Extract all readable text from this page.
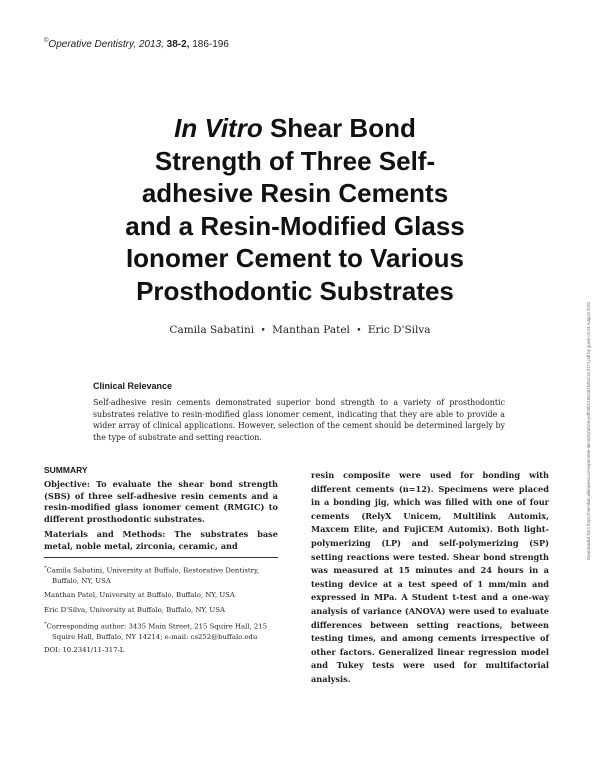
©Operative Dentistry, 2013, 38-2, 186-196
In Vitro Shear Bond
Strength of Three Self-
adhesive Resin Cements
and a Resin-Modified Glass
Ionomer Cement to Various
Prosthodontic Substrates
Camila Sabatini • Manthan Patel • Eric D'Silva
Clinical Relevance
Self-adhesive resin cements demonstrated superior bond strength to a variety of prosthodontic substrates relative to resin-modified glass ionomer cement, indicating that they are able to provide a wider array of clinical applications. However, selection of the cement should be determined largely by the type of substrate and setting reaction.	Downloaded from https://meridian.allenpress.com/operative-dentistry/article-pdf/38/2/186/1815451/11-317-l.pdf by guest on 01 August 2022
SUMMARY

Objective: To evaluate the shear bond strength (SBS) of three self-adhesive resin cements and a resin-modified glass ionomer cement (RMGIC) to different prosthodontic substrates.

Materials and Methods: The substrates base metal, noble metal, zirconia, ceramic, and

*Camila Sabatini, University at Buffalo, Restorative Dentistry, Buffalo, NY, USA

Manthan Patel, University at Buffalo, Buffalo, NY, USA

Eric D'Silva, University at Buffalo, Buffalo, NY, USA

*Corresponding author: 3435 Main Street, 215 Squire Hall, 215 Squire Hall, Buffalo, NY 14214; e-mail: cs252@buffalo.edu

DOI: 10.2341/11-317-L
resin composite were used for bonding with different cements (n=12). Specimens were placed in a bonding jig, which was filled with one of four cements (RelyX Unicem, Multilink Automix, Maxcem Elite, and FujiCEM Automix). Both light-polymerizing (LP) and self-polymerizing (SP) setting reactions were tested. Shear bond strength was measured at 15 minutes and 24 hours in a testing device at a test speed of 1 mm/min and expressed in MPa. A Student t-test and a one-way analysis of variance (ANOVA) were used to evaluate differences between setting reactions, between testing times, and among cements irrespective of other factors. Generalized linear regression model and Tukey tests were used for multifactorial analysis.
